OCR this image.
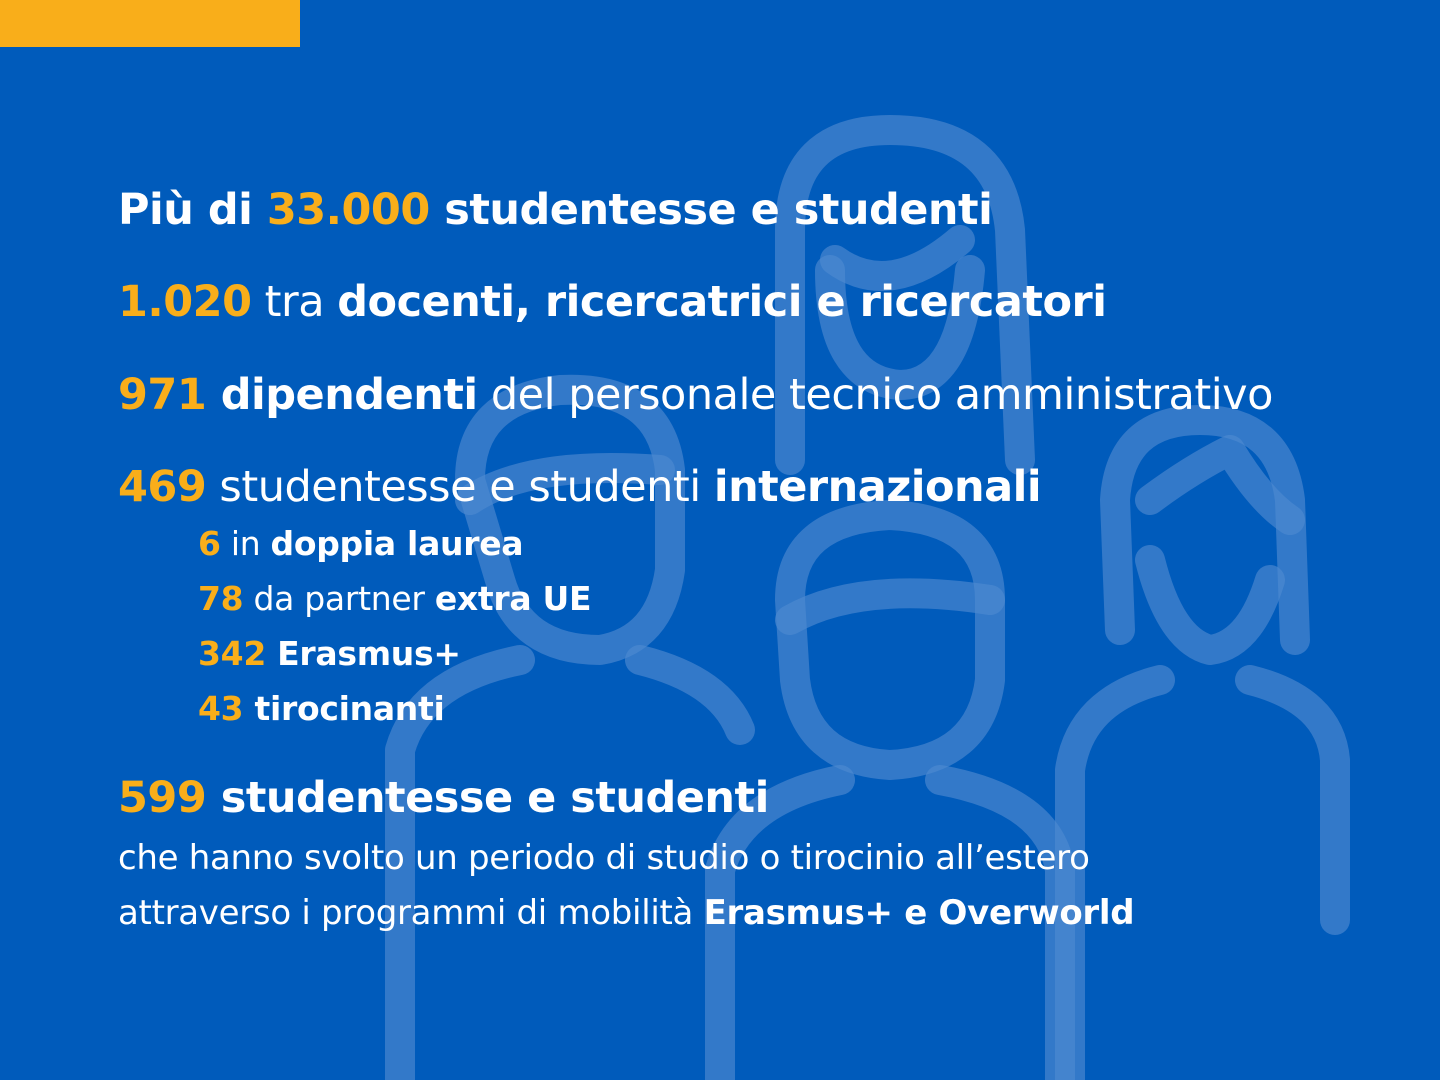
Più di 33.000 studentesse e studenti
1.020 tra docenti, ricercatrici e ricercatori
971 dipendenti del personale tecnico amministrativo
469 studentesse e studenti internazionali
6 in doppia laurea
78 da partner extra UE
342 Erasmus+
43 tirocinanti
599 studentesse e studenti
che hanno svolto un periodo di studio o tirocinio all’estero
attraverso i programmi di mobilità Erasmus+ e Overworld
